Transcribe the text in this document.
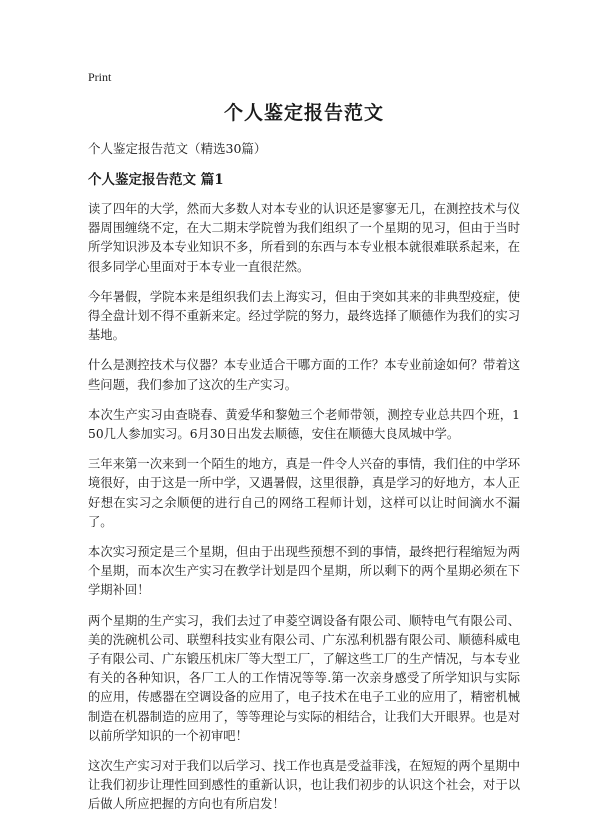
Print
个人鉴定报告范文
个人鉴定报告范文（精选30篇）
个人鉴定报告范文 篇1

读了四年的大学，然而大多数人对本专业的认识还是寥寥无几，在测控技术与仪器周围缠绕不定，在大二期末学院曾为我们组织了一个星期的见习，但由于当时所学知识涉及本专业知识不多，所看到的东西与本专业根本就很难联系起来，在很多同学心里面对于本专业一直很茫然。

今年暑假，学院本来是组织我们去上海实习，但由于突如其来的非典型疫症，使得全盘计划不得不重新来定。经过学院的努力，最终选择了顺德作为我们的实习基地。

什么是测控技术与仪器？本专业适合干哪方面的工作？本专业前途如何？带着这些问题，我们参加了这次的生产实习。

本次生产实习由查晓春、黄爱华和黎勉三个老师带领，测控专业总共四个班，150几人参加实习。6月30日出发去顺德，安住在顺德大良凤城中学。

三年来第一次来到一个陌生的地方，真是一件令人兴奋的事情，我们住的中学环境很好，由于这是一所中学，又遇暑假，这里很静，真是学习的好地方，本人正好想在实习之余顺便的进行自己的网络工程师计划，这样可以让时间滴水不漏了。

本次实习预定是三个星期，但由于出现些预想不到的事情，最终把行程缩短为两个星期，而本次生产实习在教学计划是四个星期，所以剩下的两个星期必须在下学期补回！

两个星期的生产实习，我们去过了申菱空调设备有限公司、顺特电气有限公司、美的洗碗机公司、联塑科技实业有限公司、广东泓利机器有限公司、顺德科威电子有限公司、广东锻压机床厂等大型工厂，了解这些工厂的生产情况，与本专业有关的各种知识，各厂工人的工作情况等等.第一次亲身感受了所学知识与实际的应用，传感器在空调设备的应用了，电子技术在电子工业的应用了，精密机械制造在机器制造的应用了，等等理论与实际的相结合，让我们大开眼界。也是对以前所学知识的一个初审吧！

这次生产实习对于我们以后学习、找工作也真是受益菲浅，在短短的两个星期中让我们初步让理性回到感性的重新认识，也让我们初步的认识这个社会，对于以后做人所应把握的方向也有所启发！
